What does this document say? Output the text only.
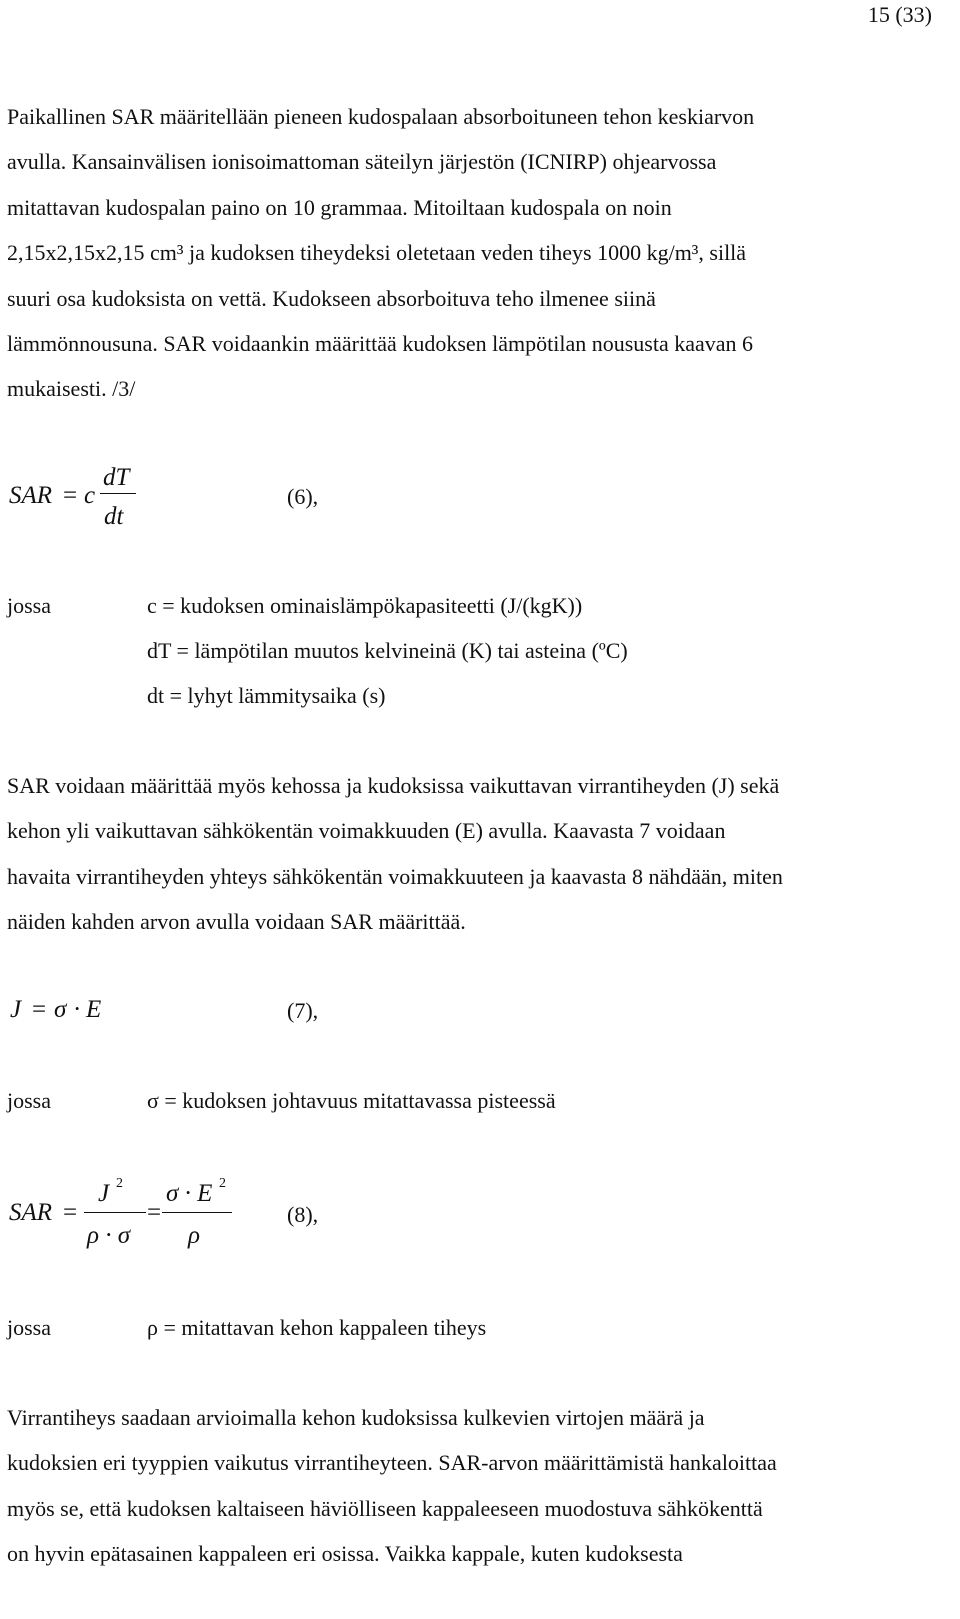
15 (33)
Paikallinen SAR määritellään pieneen kudospalaan absorboituneen tehon keskiarvon
avulla. Kansainvälisen ionisoimattoman säteilyn järjestön (ICNIRP) ohjearvossa
mitattavan kudospalan paino on 10 grammaa. Mitoiltaan kudospala on noin
2,15x2,15x2,15 cm³ ja kudoksen tiheydeksi oletetaan veden tiheys 1000 kg/m³, sillä
suuri osa kudoksista on vettä. Kudokseen absorboituva teho ilmenee siinä
lämmönnousuna. SAR voidaankin määrittää kudoksen lämpötilan noususta kaavan 6
mukaisesti. /3/
SAR = c
dT
dt
(6),
jossa	c = kudoksen ominaislämpökapasiteetti (J/(kgK))
dT = lämpötilan muutos kelvineinä (K) tai asteina (ºC)
dt = lyhyt lämmitysaika (s)
SAR voidaan määrittää myös kehossa ja kudoksissa vaikuttavan virrantiheyden (J) sekä
kehon yli vaikuttavan sähkökentän voimakkuuden (E) avulla. Kaavasta 7 voidaan
havaita virrantiheyden yhteys sähkökentän voimakkuuteen ja kaavasta 8 nähdään, miten
näiden kahden arvon avulla voidaan SAR määrittää.
J = σ · E	(7),
jossa	σ = kudoksen johtavuus mitattavassa pisteessä
SAR =
J 2
ρ · σ
=
σ · E 2
ρ
(8),
jossa	ρ = mitattavan kehon kappaleen tiheys
Virrantiheys saadaan arvioimalla kehon kudoksissa kulkevien virtojen määrä ja
kudoksien eri tyyppien vaikutus virrantiheyteen. SAR-arvon määrittämistä hankaloittaa
myös se, että kudoksen kaltaiseen häviölliseen kappaleeseen muodostuva sähkökenttä
on hyvin epätasainen kappaleen eri osissa. Vaikka kappale, kuten kudoksesta
